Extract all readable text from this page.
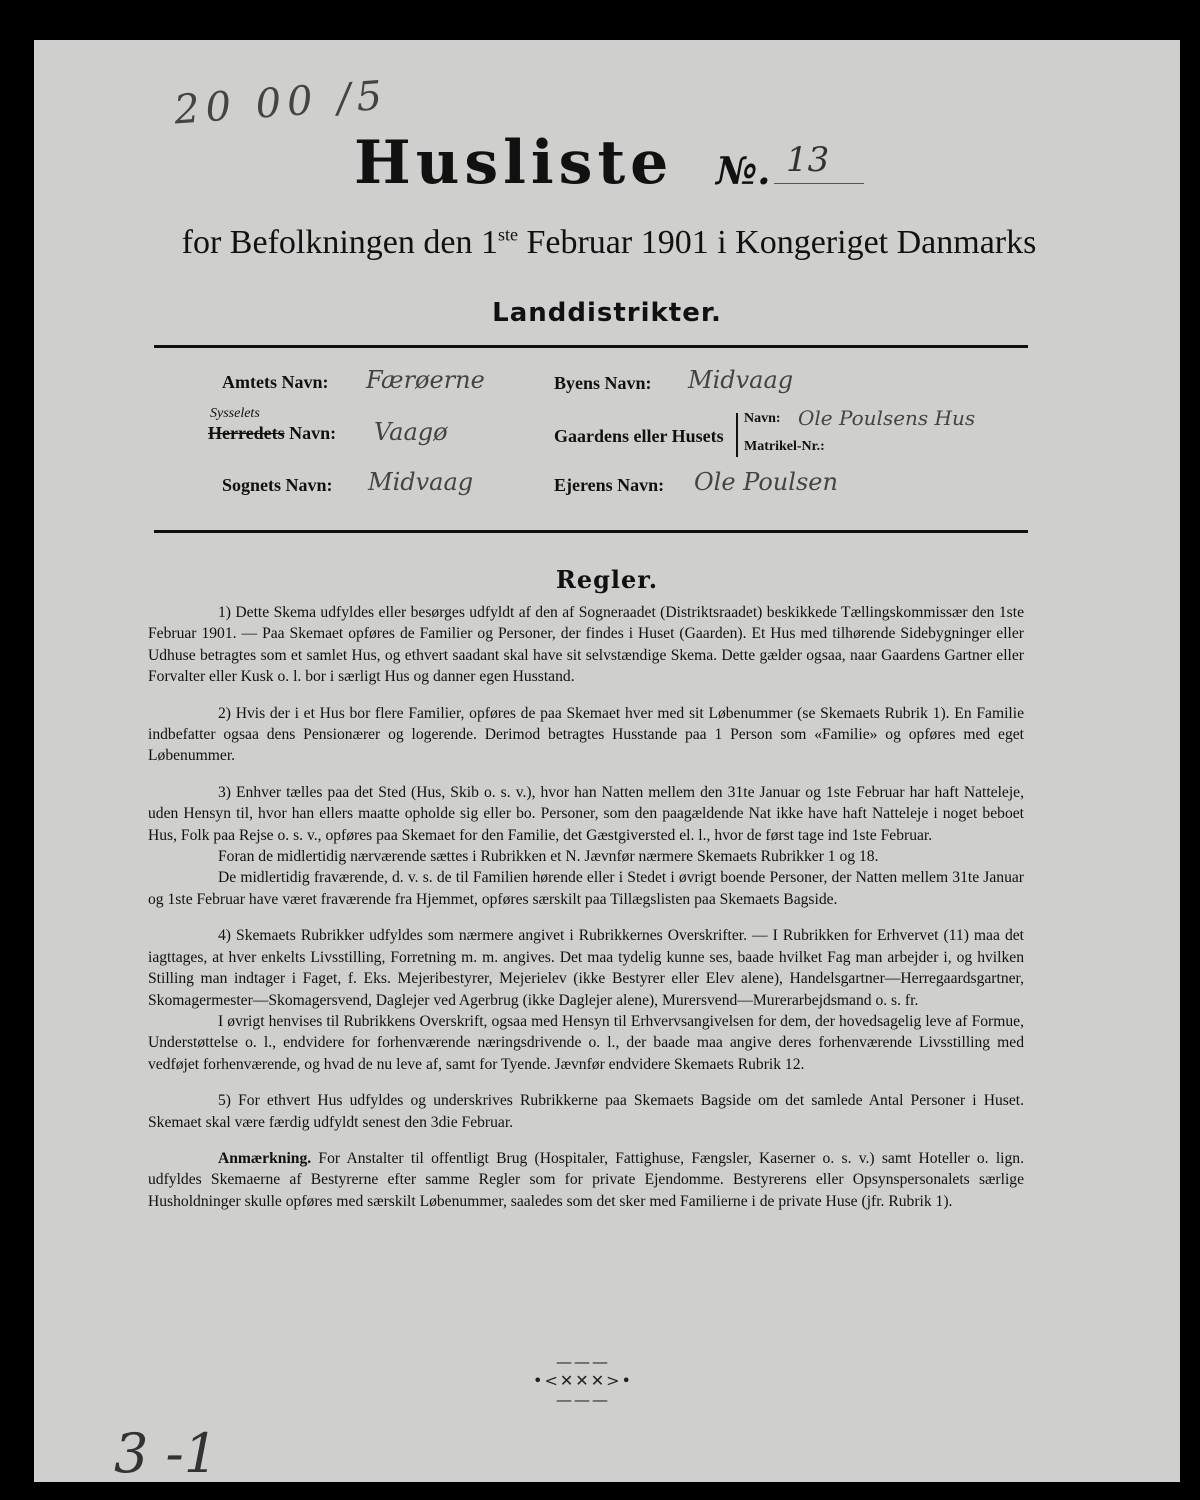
20 00 /5
Husliste №. 13
for Befolkningen den 1ste Februar 1901 i Kongeriget Danmarks
Landdistrikter.
Amtets Navn: Færøerne
Sysselets
Herredets Navn: Vaagø
Sognets Navn: Midvaag
Byens Navn: Midvaag
Gaardens eller Husets
Navn: Ole Poulsens Hus
Matrikel-Nr.:
Ejerens Navn: Ole Poulsen
Regler.

1) Dette Skema udfyldes eller besørges udfyldt af den af Sogneraadet (Distriktsraadet) beskikkede Tællingskommissær den 1ste Februar 1901. — Paa Skemaet opføres de Familier og Personer, der findes i Huset (Gaarden). Et Hus med tilhørende Sidebygninger eller Udhuse betragtes som et samlet Hus, og ethvert saadant skal have sit selvstændige Skema. Dette gælder ogsaa, naar Gaardens Gartner eller Forvalter eller Kusk o. l. bor i særligt Hus og danner egen Husstand.

2) Hvis der i et Hus bor flere Familier, opføres de paa Skemaet hver med sit Løbenummer (se Skemaets Rubrik 1). En Familie indbefatter ogsaa dens Pensionærer og logerende. Derimod betragtes Husstande paa 1 Person som «Familie» og opføres med eget Løbenummer.

3) Enhver tælles paa det Sted (Hus, Skib o. s. v.), hvor han Natten mellem den 31te Januar og 1ste Februar har haft Natteleje, uden Hensyn til, hvor han ellers maatte opholde sig eller bo. Personer, som den paagældende Nat ikke have haft Natteleje i noget beboet Hus, Folk paa Rejse o. s. v., opføres paa Skemaet for den Familie, det Gæstgiversted el. l., hvor de først tage ind 1ste Februar.

Foran de midlertidig nærværende sættes i Rubrikken et N. Jævnfør nærmere Skemaets Rubrikker 1 og 18.

De midlertidig fraværende, d. v. s. de til Familien hørende eller i Stedet i øvrigt boende Personer, der Natten mellem 31te Januar og 1ste Februar have været fraværende fra Hjemmet, opføres særskilt paa Tillægslisten paa Skemaets Bagside.

4) Skemaets Rubrikker udfyldes som nærmere angivet i Rubrikkernes Overskrifter. — I Rubrikken for Erhvervet (11) maa det iagttages, at hver enkelts Livsstilling, Forretning m. m. angives. Det maa tydelig kunne ses, baade hvilket Fag man arbejder i, og hvilken Stilling man indtager i Faget, f. Eks. Mejeribestyrer, Mejerielev (ikke Bestyrer eller Elev alene), Handelsgartner—Herregaardsgartner, Skomagermester—Skomagersvend, Daglejer ved Agerbrug (ikke Daglejer alene), Murersvend—Murerarbejdsmand o. s. fr.

I øvrigt henvises til Rubrikkens Overskrift, ogsaa med Hensyn til Erhvervsangivelsen for dem, der hovedsagelig leve af Formue, Understøttelse o. l., endvidere for forhenværende næringsdrivende o. l., der baade maa angive deres forhenværende Livsstilling med vedføjet forhenværende, og hvad de nu leve af, samt for Tyende. Jævnfør endvidere Skemaets Rubrik 12.

5) For ethvert Hus udfyldes og underskrives Rubrikkerne paa Skemaets Bagside om det samlede Antal Personer i Huset. Skemaet skal være færdig udfyldt senest den 3die Februar.

Anmærkning. For Anstalter til offentligt Brug (Hospitaler, Fattighuse, Fængsler, Kaserner o. s. v.) samt Hoteller o. lign. udfyldes Skemaerne af Bestyrerne efter samme Regler som for private Ejendomme. Bestyrerens eller Opsynspersonalets særlige Husholdninger skulle opføres med særskilt Løbenummer, saaledes som det sker med Familierne i de private Huse (jfr. Rubrik 1).

———•<✕✕✕>•———
3 -1
